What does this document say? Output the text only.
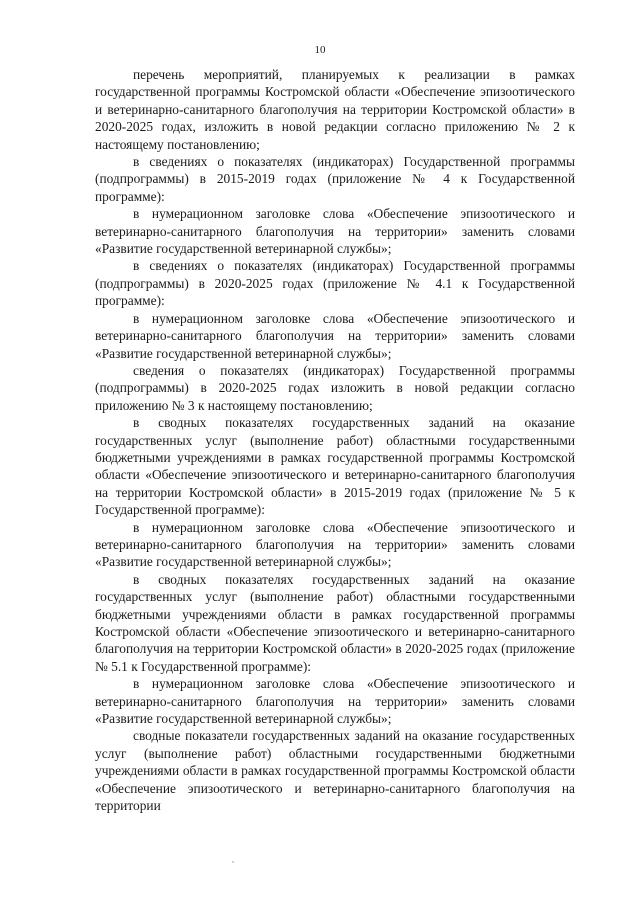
10

перечень мероприятий, планируемых к реализации в рамках государственной программы Костромской области «Обеспечение эпизоотического и ветеринарно-санитарного благополучия на территории Костромской области» в 2020-2025 годах, изложить в новой редакции согласно приложению № 2 к настоящему постановлению;

в сведениях о показателях (индикаторах) Государственной программы (подпрограммы) в 2015-2019 годах (приложение № 4 к Государственной программе):

в нумерационном заголовке слова «Обеспечение эпизоотического и ветеринарно-санитарного благополучия на территории» заменить словами «Развитие государственной ветеринарной службы»;

в сведениях о показателях (индикаторах) Государственной программы (подпрограммы) в 2020-2025 годах (приложение № 4.1 к Государственной программе):

в нумерационном заголовке слова «Обеспечение эпизоотического и ветеринарно-санитарного благополучия на территории» заменить словами «Развитие государственной ветеринарной службы»;

сведения о показателях (индикаторах) Государственной программы (подпрограммы) в 2020-2025 годах изложить в новой редакции согласно приложению № 3 к настоящему постановлению;

в сводных показателях государственных заданий на оказание государственных услуг (выполнение работ) областными государственными бюджетными учреждениями в рамках государственной программы Костромской области «Обеспечение эпизоотического и ветеринарно-санитарного благополучия на территории Костромской области» в 2015-2019 годах (приложение № 5 к Государственной программе):

в нумерационном заголовке слова «Обеспечение эпизоотического и ветеринарно-санитарного благополучия на территории» заменить словами «Развитие государственной ветеринарной службы»;

в сводных показателях государственных заданий на оказание государственных услуг (выполнение работ) областными государственными бюджетными учреждениями области в рамках государственной программы Костромской области «Обеспечение эпизоотического и ветеринарно-санитарного благополучия на территории Костромской области» в 2020-2025 годах (приложение № 5.1 к Государственной программе):

в нумерационном заголовке слова «Обеспечение эпизоотического и ветеринарно-санитарного благополучия на территории» заменить словами «Развитие государственной ветеринарной службы»;

сводные показатели государственных заданий на оказание государственных услуг (выполнение работ) областными государственными бюджетными учреждениями области в рамках государственной программы Костромской области «Обеспечение эпизоотического и ветеринарно-санитарного благополучия на территории
